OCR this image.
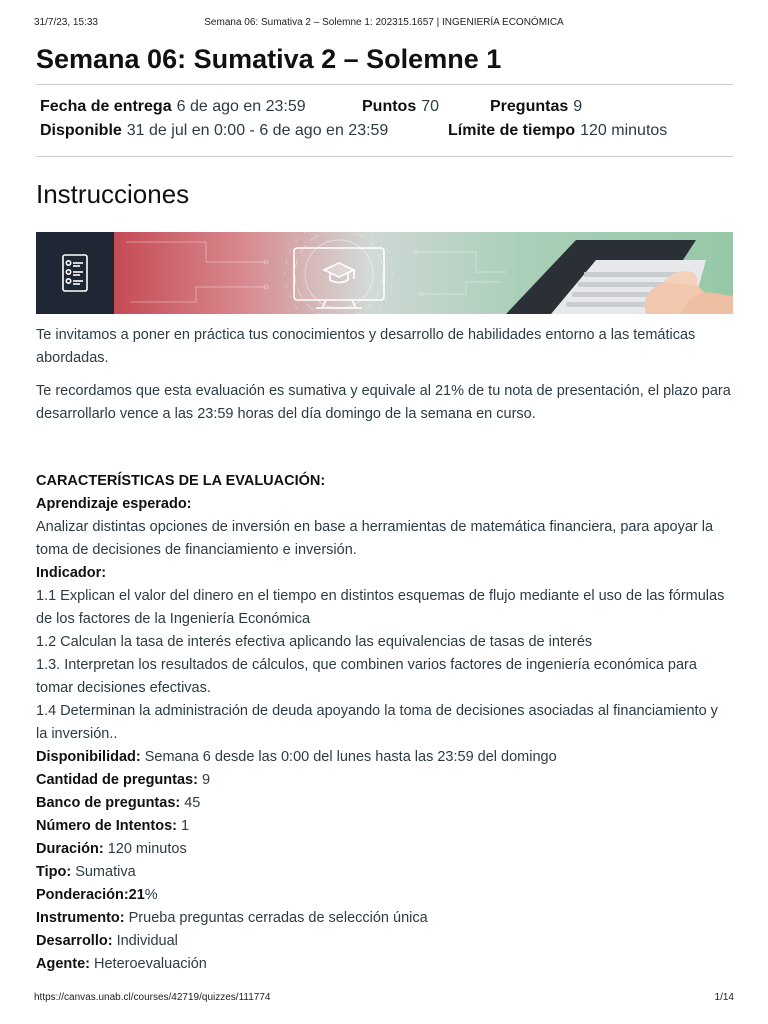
31/7/23, 15:33	Semana 06: Sumativa 2 – Solemne 1: 202315.1657 | INGENIERÍA ECONÓMICA
Semana 06: Sumativa 2 – Solemne 1
Fecha de entrega 6 de ago en 23:59	Puntos 70	Preguntas 9
Disponible 31 de jul en 0:00 - 6 de ago en 23:59	Límite de tiempo 120 minutos
Instrucciones

Te invitamos a poner en práctica tus conocimientos y desarrollo de habilidades entorno a las temáticas abordadas.

Te recordamos que esta evaluación es sumativa y equivale al 21% de tu nota de presentación, el plazo para desarrollarlo vence a las 23:59 horas del día domingo de la semana en curso.

CARACTERÍSTICAS DE LA EVALUACIÓN:

Aprendizaje esperado:

Analizar distintas opciones de inversión en base a herramientas de matemática financiera, para apoyar la toma de decisiones de financiamiento e inversión.

Indicador:

1.1 Explican el valor del dinero en el tiempo en distintos esquemas de flujo mediante el uso de las fórmulas de los factores de la Ingeniería Económica

1.2 Calculan la tasa de interés efectiva aplicando las equivalencias de tasas de interés

1.3. Interpretan los resultados de cálculos, que combinen varios factores de ingeniería económica para tomar decisiones efectivas.

1.4 Determinan la administración de deuda apoyando la toma de decisiones asociadas al financiamiento y la inversión..

Disponibilidad: Semana 6 desde las 0:00 del lunes hasta las 23:59 del domingo

Cantidad de preguntas: 9

Banco de preguntas: 45

Número de Intentos: 1

Duración: 120 minutos

Tipo: Sumativa

Ponderación:21%

Instrumento: Prueba preguntas cerradas de selección única

Desarrollo: Individual

Agente: Heteroevaluación

https://canvas.unab.cl/courses/42719/quizzes/111774	1/14
